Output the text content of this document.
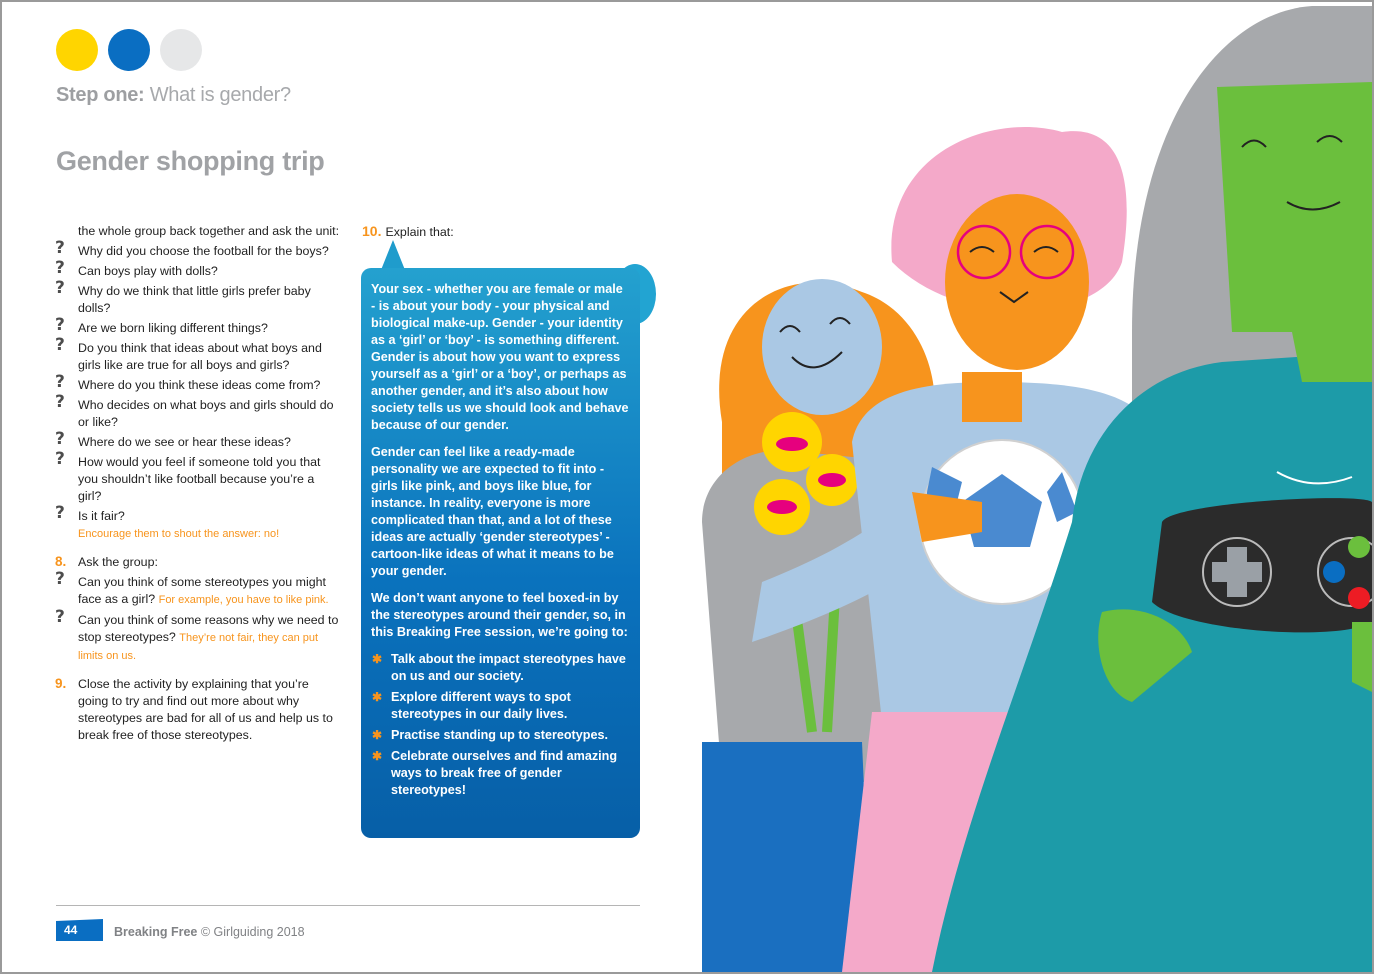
Step one: What is gender?
Gender shopping trip
the whole group back together and ask the unit:
? Why did you choose the football for the boys?
? Can boys play with dolls?
? Why do we think that little girls prefer baby dolls?
? Are we born liking different things?
? Do you think that ideas about what boys and girls like are true for all boys and girls?
? Where do you think these ideas come from?
? Who decides on what boys and girls should do or like?
? Where do we see or hear these ideas?
? How would you feel if someone told you that you shouldn’t like football because you’re a girl?
? Is it fair?
Encourage them to shout the answer: no!
8. Ask the group:
? Can you think of some stereotypes you might face as a girl? For example, you have to like pink.
? Can you think of some reasons why we need to stop stereotypes? They’re not fair, they can put limits on us.
9. Close the activity by explaining that you’re going to try and find out more about why stereotypes are bad for all of us and help us to break free of those stereotypes.
10. Explain that:

Your sex - whether you are female or male - is about your body - your physical and biological make-up. Gender - your identity as a ‘girl’ or ‘boy’ - is something different. Gender is about how you want to express yourself as a ‘girl’ or a ‘boy’, or perhaps as another gender, and it’s also about how society tells us we should look and behave because of our gender.

Gender can feel like a ready-made personality we are expected to fit into - girls like pink, and boys like blue, for instance. In reality, everyone is more complicated than that, and a lot of these ideas are actually ‘gender stereotypes’ - cartoon-like ideas of what it means to be your gender.

We don’t want anyone to feel boxed-in by the stereotypes around their gender, so, in this Breaking Free session, we’re going to:

✱ Talk about the impact stereotypes have on us and our society.
✱ Explore different ways to spot stereotypes in our daily lives.
✱ Practise standing up to stereotypes.
✱ Celebrate ourselves and find amazing ways to break free of gender stereotypes!
44	Breaking Free © Girlguiding 2018
